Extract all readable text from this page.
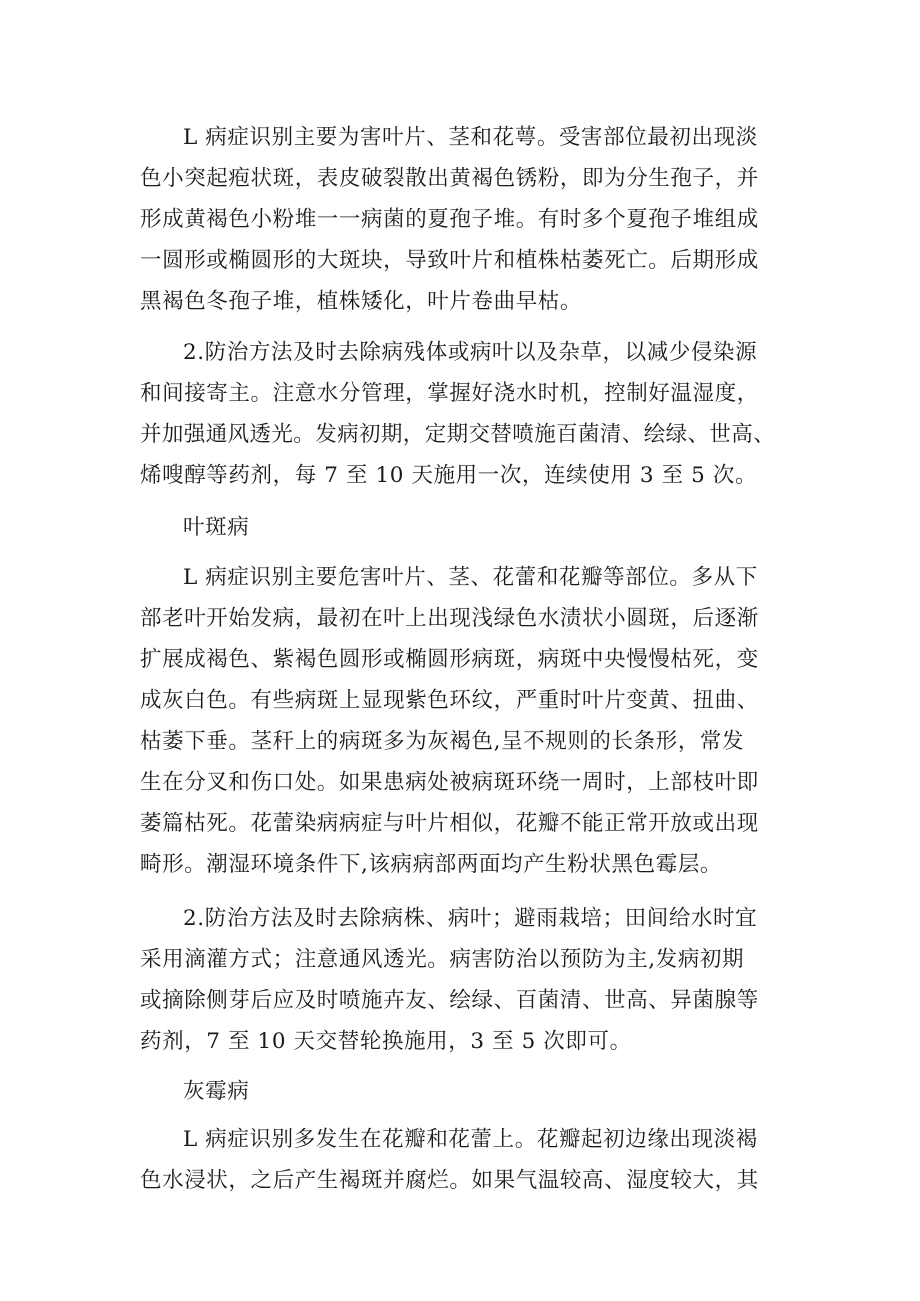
L 病症识别主要为害叶片、茎和花萼。受害部位最初出现淡
色小突起疱状斑，表皮破裂散出黄褐色锈粉，即为分生孢子，并
形成黄褐色小粉堆一一病菌的夏孢子堆。有时多个夏孢子堆组成
一圆形或椭圆形的大斑块，导致叶片和植株枯萎死亡。后期形成
黑褐色冬孢子堆，植株矮化，叶片卷曲早枯。
2.防治方法及时去除病残体或病叶以及杂草，以减少侵染源
和间接寄主。注意水分管理，掌握好浇水时机，控制好温湿度，
并加强通风透光。发病初期，定期交替喷施百菌清、绘绿、世高、
烯嗖醇等药剂，每 7 至 10 天施用一次，连续使用 3 至 5 次。
叶斑病
L 病症识别主要危害叶片、茎、花蕾和花瓣等部位。多从下
部老叶开始发病，最初在叶上出现浅绿色水渍状小圆斑，后逐渐
扩展成褐色、紫褐色圆形或椭圆形病斑，病斑中央慢慢枯死，变
成灰白色。有些病斑上显现紫色环纹，严重时叶片变黄、扭曲、
枯萎下垂。茎秆上的病斑多为灰褐色,呈不规则的长条形，常发
生在分叉和伤口处。如果患病处被病斑环绕一周时，上部枝叶即
萎篇枯死。花蕾染病病症与叶片相似，花瓣不能正常开放或出现
畸形。潮湿环境条件下,该病病部两面均产生粉状黑色霉层。
2.防治方法及时去除病株、病叶；避雨栽培；田间给水时宜
采用滴灌方式；注意通风透光。病害防治以预防为主,发病初期
或摘除侧芽后应及时喷施卉友、绘绿、百菌清、世高、异菌腺等
药剂，7 至 10 天交替轮换施用，3 至 5 次即可。
灰霉病
L 病症识别多发生在花瓣和花蕾上。花瓣起初边缘出现淡褐
色水浸状，之后产生褐斑并腐烂。如果气温较高、湿度较大，其
